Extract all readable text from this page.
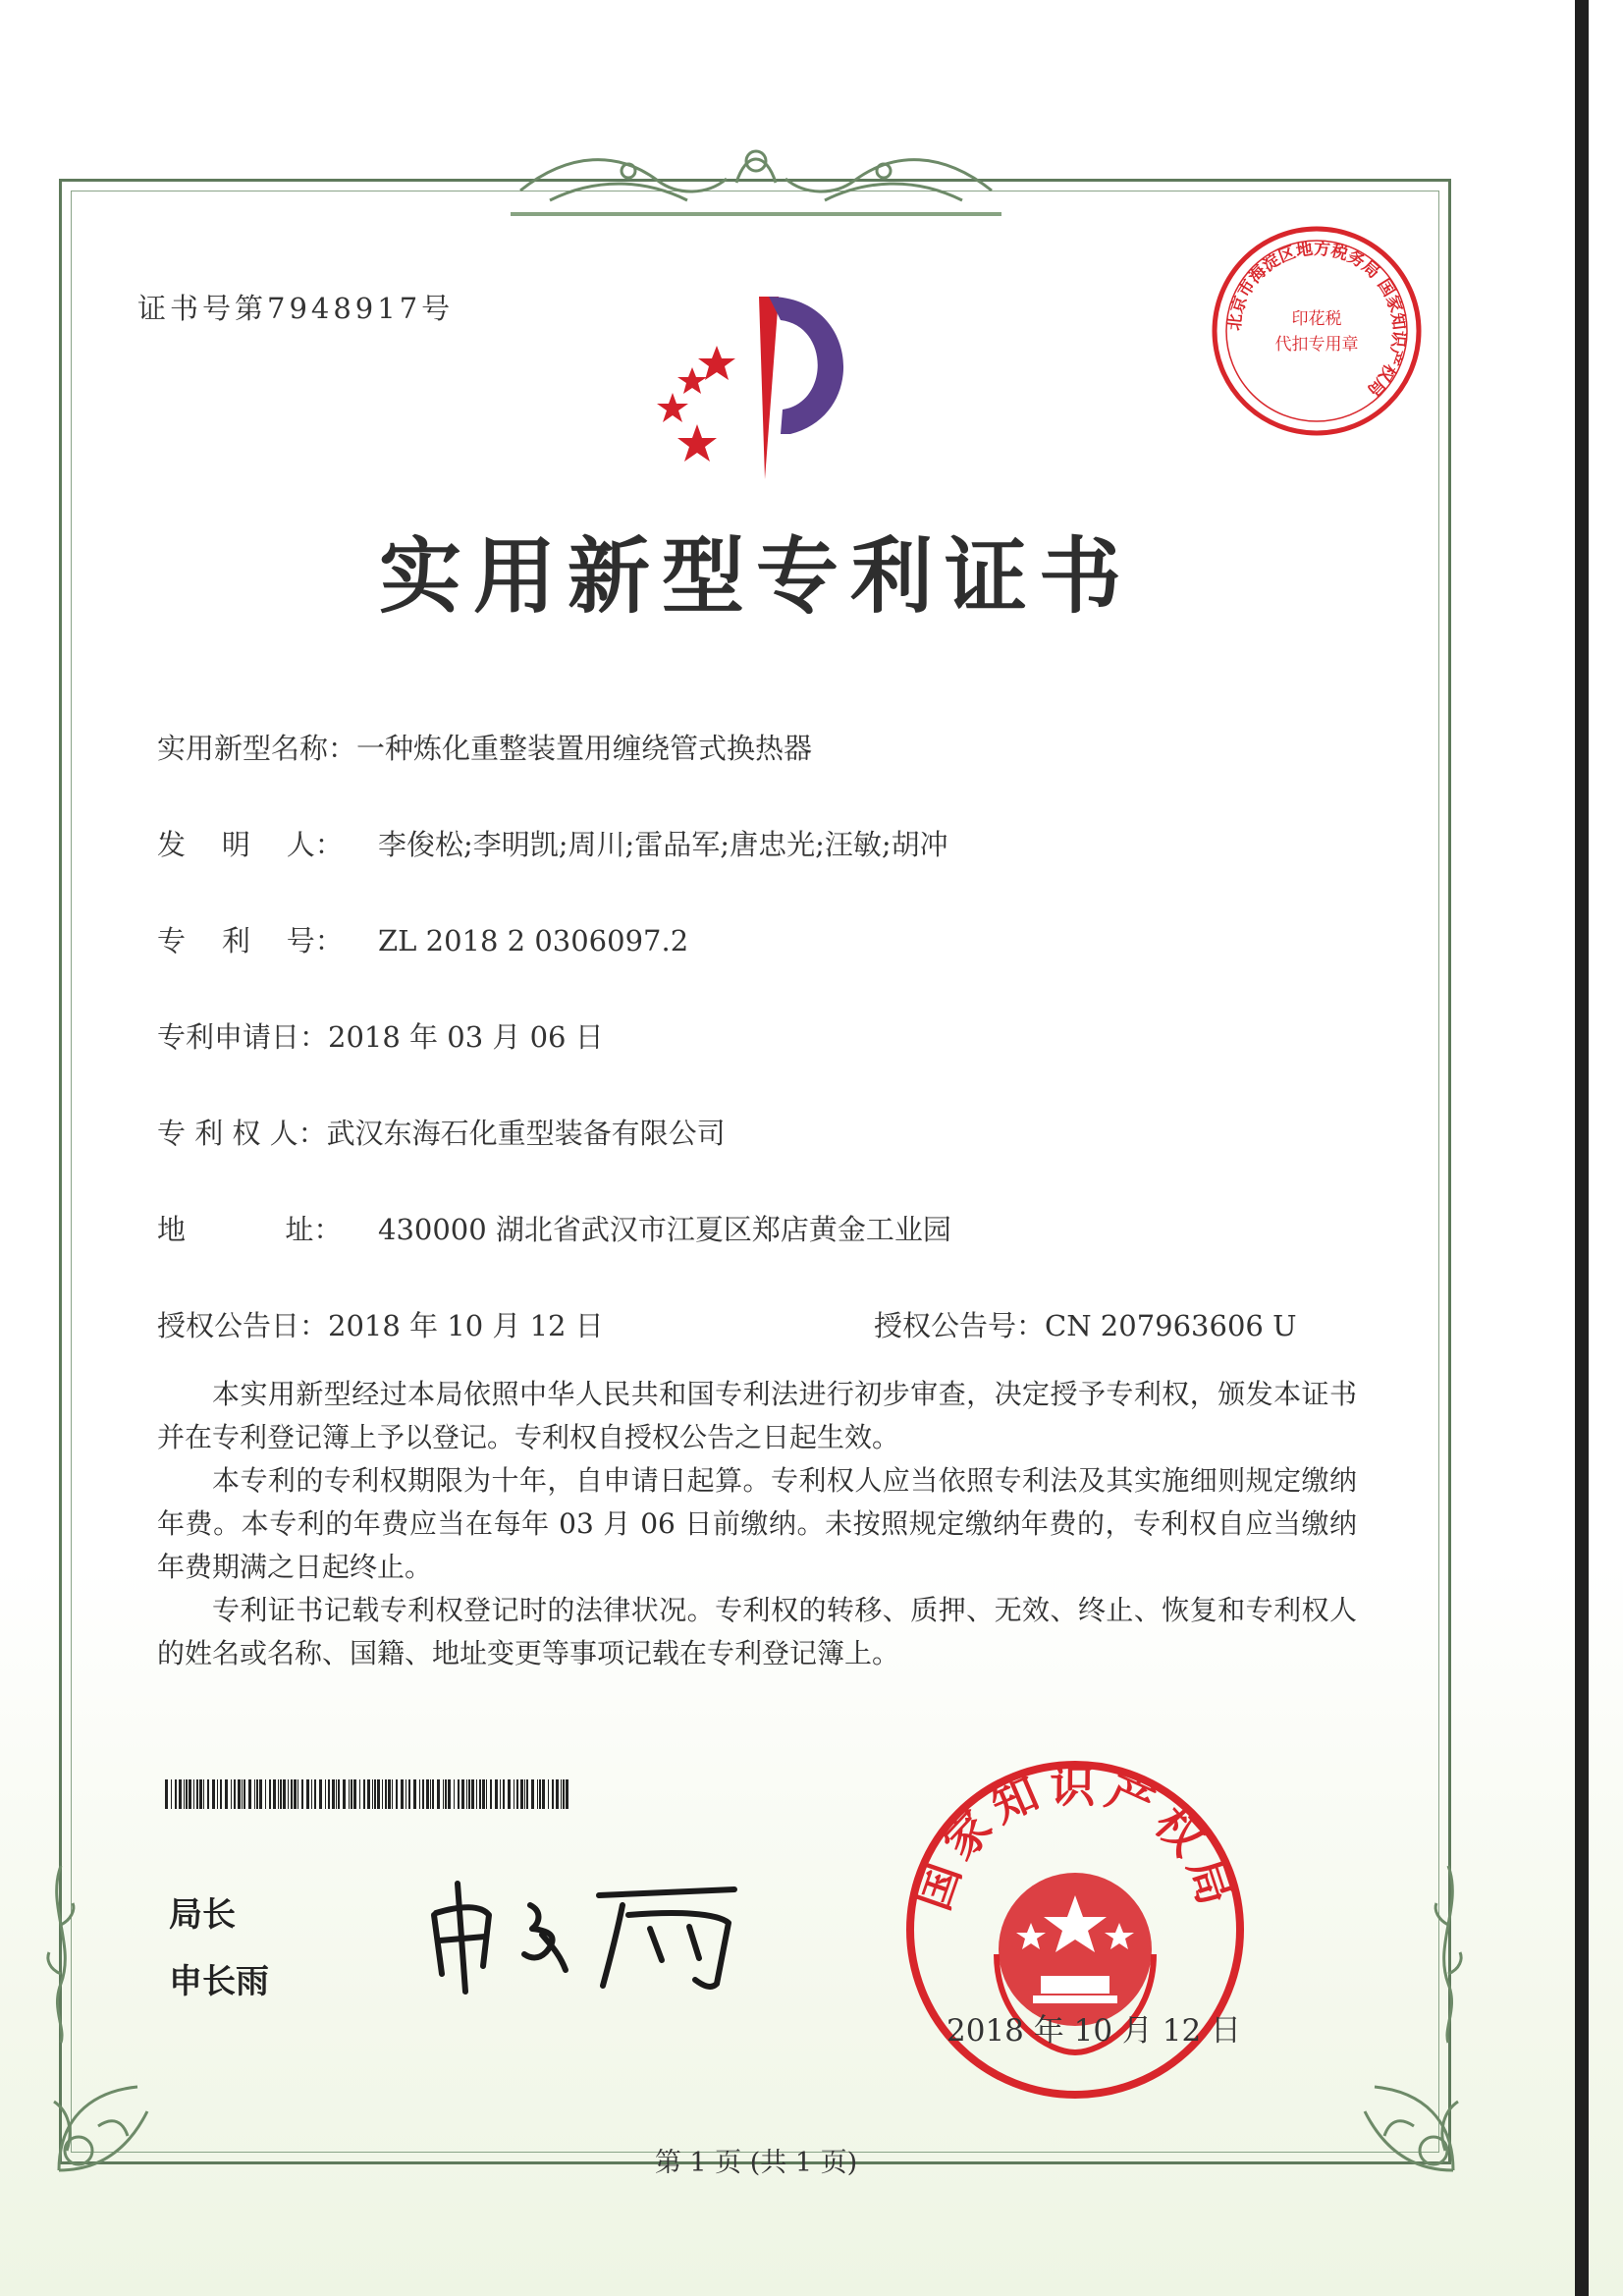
北京市海淀区地方税务局 国家知识产权局
印花税
代扣专用章
证书号第7948917号
实用新型专利证书
实用新型名称：一种炼化重整装置用缠绕管式换热器
发    明    人： 李俊松;李明凯;周川;雷品军;唐忠光;汪敏;胡冲
专    利    号： ZL 2018 2 0306097.2
专利申请日：2018 年 03 月 06 日
专 利 权 人：武汉东海石化重型装备有限公司
地           址： 430000 湖北省武汉市江夏区郑店黄金工业园
授权公告日：2018 年 10 月 12 日	授权公告号：CN 207963606 U

本实用新型经过本局依照中华人民共和国专利法进行初步审查，决定授予专利权，颁发本证书并在专利登记簿上予以登记。专利权自授权公告之日起生效。

本专利的专利权期限为十年，自申请日起算。专利权人应当依照专利法及其实施细则规定缴纳年费。本专利的年费应当在每年 03 月 06 日前缴纳。未按照规定缴纳年费的，专利权自应当缴纳年费期满之日起终止。

专利证书记载专利权登记时的法律状况。专利权的转移、质押、无效、终止、恢复和专利权人的姓名或名称、国籍、地址变更等事项记载在专利登记簿上。

局长
申长雨
国家知识产权局
2018 年 10 月 12 日
第 1 页 (共 1 页)
